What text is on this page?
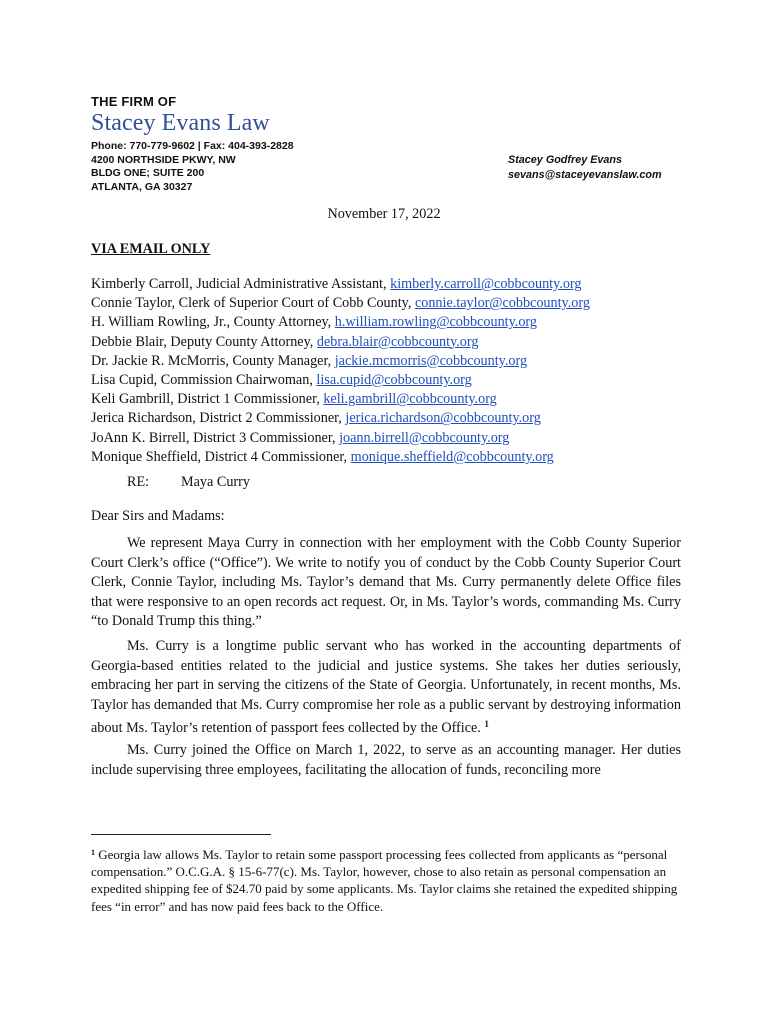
THE FIRM OF
Stacey Evans Law
Phone: 770-779-9602 | Fax: 404-393-2828
4200 NORTHSIDE PKWY, NW
BLDG ONE; SUITE 200
ATLANTA, GA 30327
Stacey Godfrey Evans
sevans@staceyevanslaw.com
November 17, 2022
VIA EMAIL ONLY
Kimberly Carroll, Judicial Administrative Assistant, kimberly.carroll@cobbcounty.org
Connie Taylor, Clerk of Superior Court of Cobb County, connie.taylor@cobbcounty.org
H. William Rowling, Jr., County Attorney, h.william.rowling@cobbcounty.org
Debbie Blair, Deputy County Attorney, debra.blair@cobbcounty.org
Dr. Jackie R. McMorris, County Manager, jackie.mcmorris@cobbcounty.org
Lisa Cupid, Commission Chairwoman, lisa.cupid@cobbcounty.org
Keli Gambrill, District 1 Commissioner, keli.gambrill@cobbcounty.org
Jerica Richardson, District 2 Commissioner, jerica.richardson@cobbcounty.org
JoAnn K. Birrell, District 3 Commissioner, joann.birrell@cobbcounty.org
Monique Sheffield, District 4 Commissioner, monique.sheffield@cobbcounty.org
RE: Maya Curry
Dear Sirs and Madams:

We represent Maya Curry in connection with her employment with the Cobb County Superior Court Clerk’s office (“Office”). We write to notify you of conduct by the Cobb County Superior Court Clerk, Connie Taylor, including Ms. Taylor’s demand that Ms. Curry permanently delete Office files that were responsive to an open records act request. Or, in Ms. Taylor’s words, commanding Ms. Curry “to Donald Trump this thing.”

Ms. Curry is a longtime public servant who has worked in the accounting departments of Georgia-based entities related to the judicial and justice systems. She takes her duties seriously, embracing her part in serving the citizens of the State of Georgia. Unfortunately, in recent months, Ms. Taylor has demanded that Ms. Curry compromise her role as a public servant by destroying information about Ms. Taylor’s retention of passport fees collected by the Office. $^1$

Ms. Curry joined the Office on March 1, 2022, to serve as an accounting manager. Her duties include supervising three employees, facilitating the allocation of funds, reconciling more

$^1$ Georgia law allows Ms. Taylor to retain some passport processing fees collected from applicants as “personal compensation.” O.C.G.A. § 15-6-77(c). Ms. Taylor, however, chose to also retain as personal compensation an expedited shipping fee of $24.70 paid by some applicants. Ms. Taylor claims she retained the expedited shipping fees “in error” and has now paid fees back to the Office.
